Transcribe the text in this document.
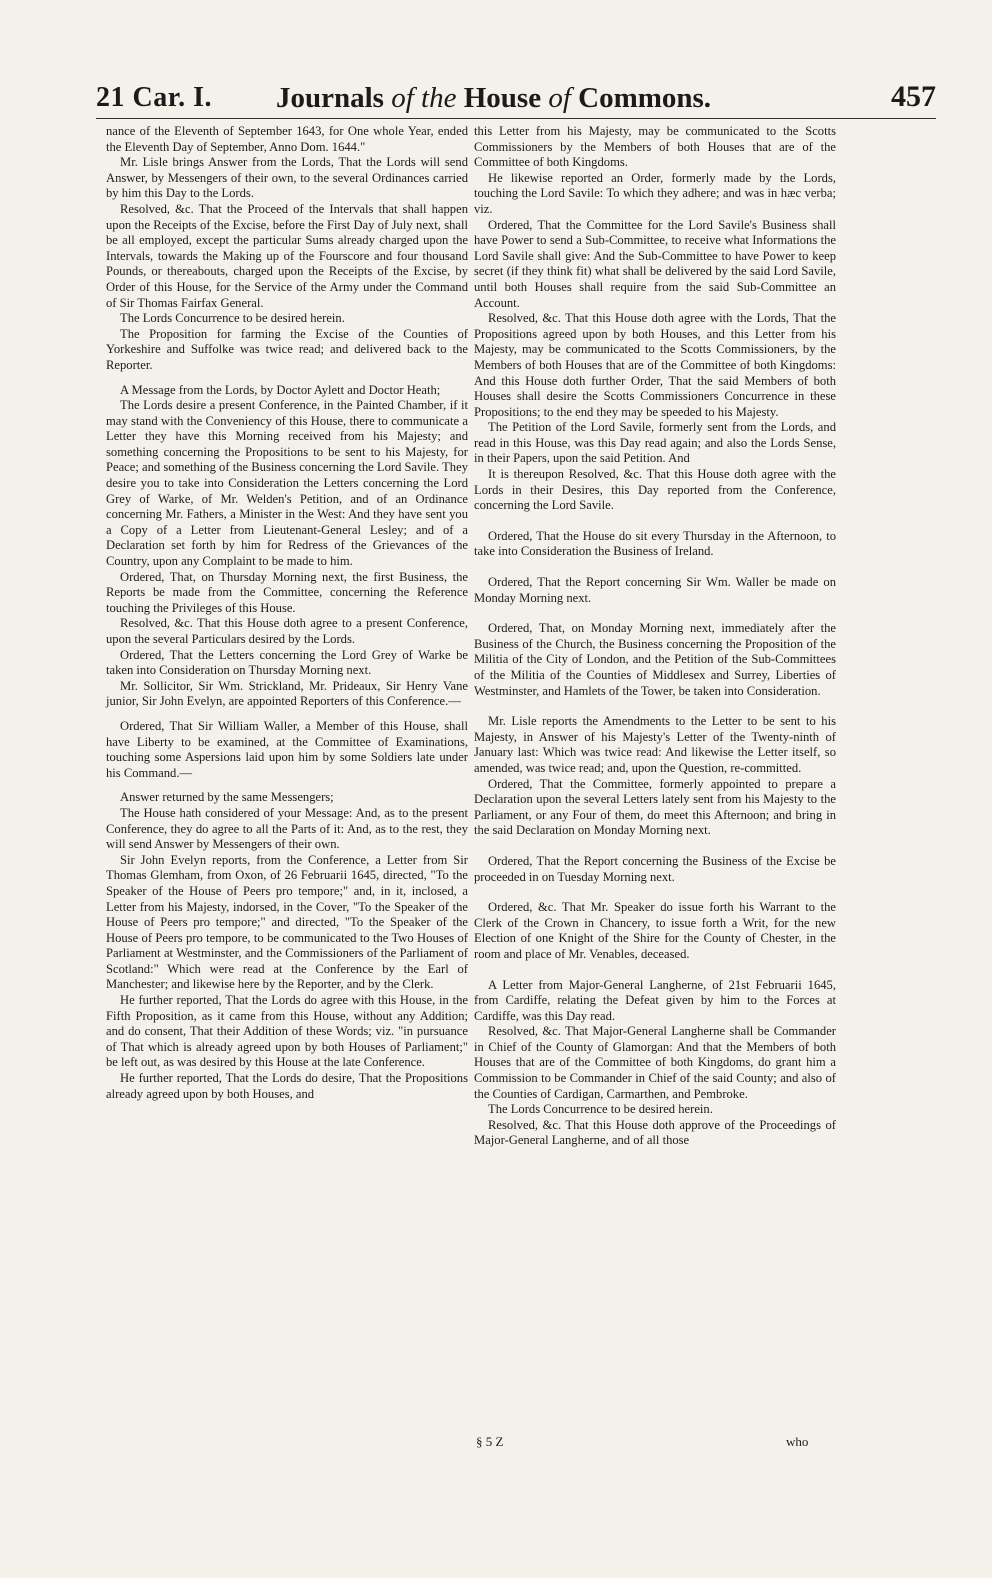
21 Car. I. Journals of the House of Commons.	457

nance of the Eleventh of September 1643, for One whole Year, ended the Eleventh Day of September, Anno Dom. 1644."

Mr. Lisle brings Answer from the Lords, That the Lords will send Answer, by Messengers of their own, to the several Ordinances carried by him this Day to the Lords.

Resolved, &c. That the Proceed of the Intervals that shall happen upon the Receipts of the Excise, before the First Day of July next, shall be all employed, except the particular Sums already charged upon the Intervals, towards the Making up of the Fourscore and four thousand Pounds, or thereabouts, charged upon the Receipts of the Excise, by Order of this House, for the Service of the Army under the Command of Sir Thomas Fairfax General.

The Lords Concurrence to be desired herein.

The Proposition for farming the Excise of the Counties of Yorkeshire and Suffolke was twice read; and delivered back to the Reporter.

A Message from the Lords, by Doctor Aylett and Doctor Heath;

The Lords desire a present Conference, in the Painted Chamber, if it may stand with the Conveniency of this House, there to communicate a Letter they have this Morning received from his Majesty; and something concerning the Propositions to be sent to his Majesty, for Peace; and something of the Business concerning the Lord Savile. They desire you to take into Consideration the Letters concerning the Lord Grey of Warke, of Mr. Welden's Petition, and of an Ordinance concerning Mr. Fathers, a Minister in the West: And they have sent you a Copy of a Letter from Lieutenant-General Lesley; and of a Declaration set forth by him for Redress of the Grievances of the Country, upon any Complaint to be made to him.

Ordered, That, on Thursday Morning next, the first Business, the Reports be made from the Committee, concerning the Reference touching the Privileges of this House.

Resolved, &c. That this House doth agree to a present Conference, upon the several Particulars desired by the Lords.

Ordered, That the Letters concerning the Lord Grey of Warke be taken into Consideration on Thursday Morning next.

Mr. Sollicitor, Sir Wm. Strickland, Mr. Prideaux, Sir Henry Vane junior, Sir John Evelyn, are appointed Reporters of this Conference.—

Ordered, That Sir William Waller, a Member of this House, shall have Liberty to be examined, at the Committee of Examinations, touching some Aspersions laid upon him by some Soldiers late under his Command.—

Answer returned by the same Messengers;

The House hath considered of your Message: And, as to the present Conference, they do agree to all the Parts of it: And, as to the rest, they will send Answer by Messengers of their own.

Sir John Evelyn reports, from the Conference, a Letter from Sir Thomas Glemham, from Oxon, of 26 Februarii 1645, directed, "To the Speaker of the House of Peers pro tempore;" and, in it, inclosed, a Letter from his Majesty, indorsed, in the Cover, "To the Speaker of the House of Peers pro tempore;" and directed, "To the Speaker of the House of Peers pro tempore, to be communicated to the Two Houses of Parliament at Westminster, and the Commissioners of the Parliament of Scotland:" Which were read at the Conference by the Earl of Manchester; and likewise here by the Reporter, and by the Clerk.

He further reported, That the Lords do agree with this House, in the Fifth Proposition, as it came from this House, without any Addition; and do consent, That their Addition of these Words; viz. "in pursuance of That which is already agreed upon by both Houses of Parliament;" be left out, as was desired by this House at the late Conference.

He further reported, That the Lords do desire, That the Propositions already agreed upon by both Houses, and

this Letter from his Majesty, may be communicated to the Scotts Commissioners by the Members of both Houses that are of the Committee of both Kingdoms.

He likewise reported an Order, formerly made by the Lords, touching the Lord Savile: To which they adhere; and was in hæc verba; viz.

Ordered, That the Committee for the Lord Savile's Business shall have Power to send a Sub-Committee, to receive what Informations the Lord Savile shall give: And the Sub-Committee to have Power to keep secret (if they think fit) what shall be delivered by the said Lord Savile, until both Houses shall require from the said Sub-Committee an Account.

Resolved, &c. That this House doth agree with the Lords, That the Propositions agreed upon by both Houses, and this Letter from his Majesty, may be communicated to the Scotts Commissioners, by the Members of both Houses that are of the Committee of both Kingdoms: And this House doth further Order, That the said Members of both Houses shall desire the Scotts Commissioners Concurrence in these Propositions; to the end they may be speeded to his Majesty.

The Petition of the Lord Savile, formerly sent from the Lords, and read in this House, was this Day read again; and also the Lords Sense, in their Papers, upon the said Petition. And

It is thereupon Resolved, &c. That this House doth agree with the Lords in their Desires, this Day reported from the Conference, concerning the Lord Savile.

Ordered, That the House do sit every Thursday in the Afternoon, to take into Consideration the Business of Ireland.

Ordered, That the Report concerning Sir Wm. Waller be made on Monday Morning next.

Ordered, That, on Monday Morning next, immediately after the Business of the Church, the Business concerning the Proposition of the Militia of the City of London, and the Petition of the Sub-Committees of the Militia of the Counties of Middlesex and Surrey, Liberties of Westminster, and Hamlets of the Tower, be taken into Consideration.

Mr. Lisle reports the Amendments to the Letter to be sent to his Majesty, in Answer of his Majesty's Letter of the Twenty-ninth of January last: Which was twice read: And likewise the Letter itself, so amended, was twice read; and, upon the Question, re-committed.

Ordered, That the Committee, formerly appointed to prepare a Declaration upon the several Letters lately sent from his Majesty to the Parliament, or any Four of them, do meet this Afternoon; and bring in the said Declaration on Monday Morning next.

Ordered, That the Report concerning the Business of the Excise be proceeded in on Tuesday Morning next.

Ordered, &c. That Mr. Speaker do issue forth his Warrant to the Clerk of the Crown in Chancery, to issue forth a Writ, for the new Election of one Knight of the Shire for the County of Chester, in the room and place of Mr. Venables, deceased.

A Letter from Major-General Langherne, of 21st Februarii 1645, from Cardiffe, relating the Defeat given by him to the Forces at Cardiffe, was this Day read.

Resolved, &c. That Major-General Langherne shall be Commander in Chief of the County of Glamorgan: And that the Members of both Houses that are of the Committee of both Kingdoms, do grant him a Commission to be Commander in Chief of the said County; and also of the Counties of Cardigan, Carmarthen, and Pembroke.

The Lords Concurrence to be desired herein.

Resolved, &c. That this House doth approve of the Proceedings of Major-General Langherne, and of all those

§ 5 Z	who
